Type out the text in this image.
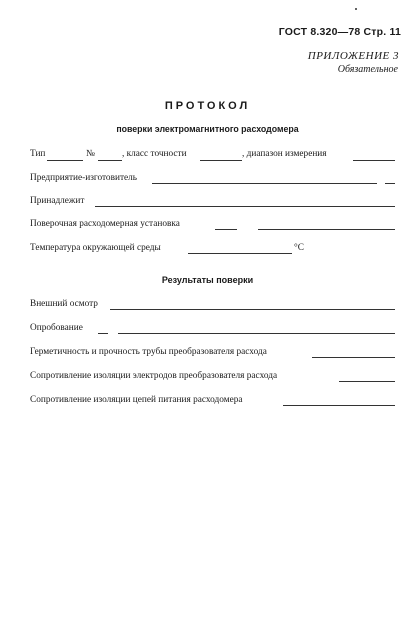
ГОСТ 8.320—78 Стр. 11
ПРИЛОЖЕНИЕ 3
Обязательное
ПРОТОКОЛ
поверки электромагнитного расходомера
Тип	№	, класс точности	, диапазон измерения
Предприятие-изготовитель
Принадлежит
Поверочная расходомерная установка
Температура окружающей среды	°С
Результаты поверки
Внешний осмотр
Опробование
Герметичность и прочность трубы преобразователя расхода
Сопротивление изоляции электродов преобразователя расхода
Сопротивление изоляции цепей питания расходомера
